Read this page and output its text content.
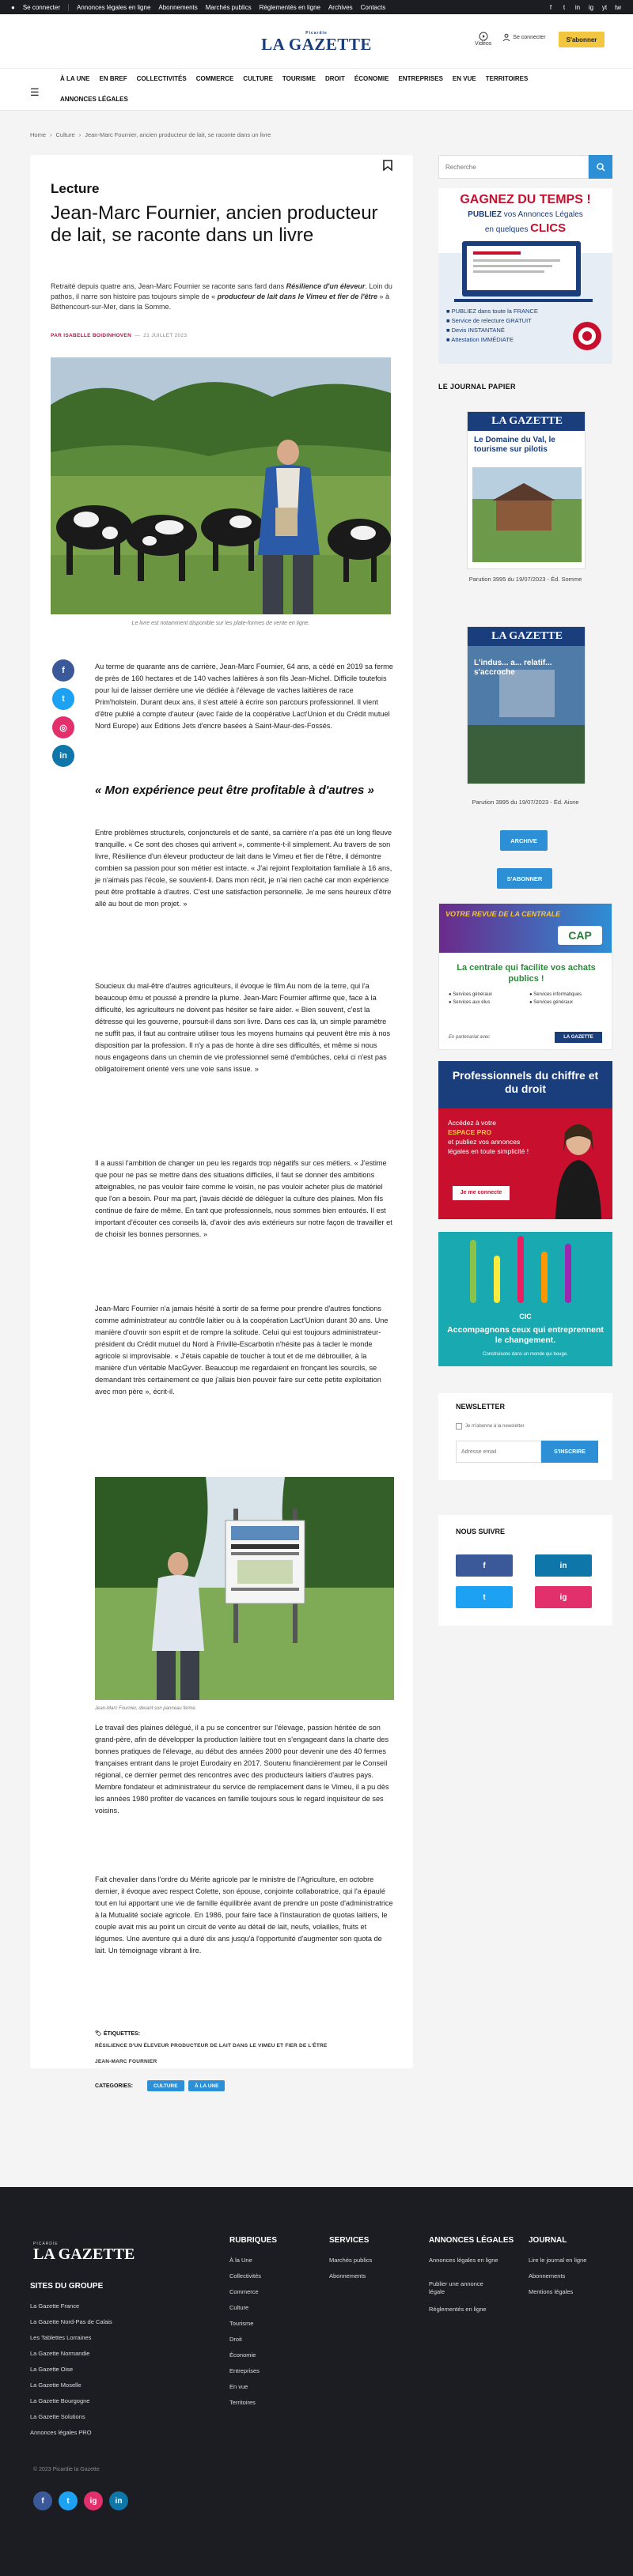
● Se connecter	Annonces légales en ligne Abonnements Marchés publics Réglementés en ligne Archives Contacts	f	t	in ig yt tw
Picardie
LA GAZETTE	Vidéos
Se connecter	S'abonner
☰
À LA UNE	EN BREF	COLLECTIVITÉS	COMMERCE	CULTURE	TOURISME	DROIT	ÉCONOMIE	ENTREPRISES	EN VUE	TERRITOIRES
ANNONCES LÉGALES
Home › Culture › Jean-Marc Fournier, ancien producteur de lait, se raconte dans un livre
Lecture
Jean-Marc Fournier, ancien producteur de lait, se raconte dans un livre

Retraité depuis quatre ans, Jean-Marc Fournier se raconte sans fard dans Résilience d'un éleveur. Loin du pathos, il narre son histoire pas toujours simple de « producteur de lait dans le Vimeu et fier de l'être » à Béthencourt-sur-Mer, dans la Somme.

PAR ISABELLE BOIDINHOVEN  —  21 JUILLET 2023
Le livre est notamment disponible sur les plate-formes de vente en ligne.
f
t
◎
in

Au terme de quarante ans de carrière, Jean-Marc Fournier, 64 ans, a cédé en 2019 sa ferme de près de 160 hectares et de 140 vaches laitières à son fils Jean-Michel. Difficile toutefois pour lui de laisser derrière une vie dédiée à l'élevage de vaches laitières de race Prim'holstein. Durant deux ans, il s'est attelé à écrire son parcours professionnel. Il vient d'être publié à compte d'auteur (avec l'aide de la coopérative Lact'Union et du Crédit mutuel Nord Europe) aux Éditions Jets d'encre basées à Saint-Maur-des-Fossés.

« Mon expérience peut être profitable à d'autres »

Entre problèmes structurels, conjoncturels et de santé, sa carrière n'a pas été un long fleuve tranquille. « Ce sont des choses qui arrivent », commente-t-il simplement. Au travers de son livre, Résilience d'un éleveur producteur de lait dans le Vimeu et fier de l'être, il démontre combien sa passion pour son métier est intacte. « J'ai rejoint l'exploitation familiale à 16 ans, je n'aimais pas l'école, se souvient-il. Dans mon récit, je n'ai rien caché car mon expérience peut être profitable à d'autres. C'est une satisfaction personnelle. Je me sens heureux d'être allé au bout de mon projet. »

Soucieux du mal-être d'autres agriculteurs, il évoque le film Au nom de la terre, qui l'a beaucoup ému et poussé à prendre la plume. Jean-Marc Fournier affirme que, face à la difficulté, les agriculteurs ne doivent pas hésiter se faire aider. « Bien souvent, c'est la détresse qui les gouverne, poursuit-il dans son livre. Dans ces cas là, un simple paramètre ne suffit pas, il faut au contraire utiliser tous les moyens humains qui peuvent être mis à nos disposition par la profession. Il n'y a pas de honte à dire ses difficultés, et même si nous nous engageons dans un chemin de vie professionnel semé d'embûches, celui ci n'est pas obligatoirement orienté vers une voie sans issue. »

Il a aussi l'ambition de changer un peu les regards trop négatifs sur ces métiers. « J'estime que pour ne pas se mettre dans des situations difficiles, il faut se donner des ambitions atteignables, ne pas vouloir faire comme le voisin, ne pas vouloir acheter plus de matériel que l'on a besoin. Pour ma part, j'avais décidé de délèguer la culture des plaines. Mon fils continue de faire de même. En tant que professionnels, nous sommes bien entourés. Il est important d'écouter ces conseils là, d'avoir des avis extérieurs sur notre façon de travailler et de choisir les bonnes personnes. »

Jean-Marc Fournier n'a jamais hésité à sortir de sa ferme pour prendre d'autres fonctions comme administrateur au contrôle laitier ou à la coopération Lact'Union durant 30 ans. Une manière d'ouvrir son esprit et de rompre la solitude. Celui qui est toujours administrateur-président du Crédit mutuel du Nord à Friville-Escarbotin n'hésite pas à tacler le monde agricole si improvisable. « J'étais capable de toucher à tout et de me débrouiller, à la manière d'un véritable MacGyver. Beaucoup me regardaient en fronçant les sourcils, se demandant très certainement ce que j'allais bien pouvoir faire sur cette petite exploitation avec mon père », écrit-il.

Jean-Marc Fournier, devant son panneau ferme.

Le travail des plaines délégué, il a pu se concentrer sur l'élevage, passion héritée de son grand-père, afin de développer la production laitière tout en s'engageant dans la charte des bonnes pratiques de l'élevage, au début des années 2000 pour devenir une des 40 fermes françaises entrant dans le projet Eurodairy en 2017. Soutenu financièrement par le Conseil régional, ce dernier permet des rencontres avec des producteurs laitiers d'autres pays. Membre fondateur et administrateur du service de remplacement dans le Vimeu, il a pu dès les années 1980 profiter de vacances en famille toujours sous le regard inquisiteur de ses voisins.

Fait chevalier dans l'ordre du Mérite agricole par le ministre de l'Agriculture, en octobre dernier, il évoque avec respect Colette, son épouse, conjointe collaboratrice, qui l'a épaulé tout en lui apportant une vie de famille équilibrée avant de prendre un poste d'administratrice à la Mutualité sociale agricole. En 1986, pour faire face à l'instauration de quotas laitiers, le couple avait mis au point un circuit de vente au détail de lait, neufs, volailles, fruits et légumes. Une aventure qui a duré dix ans jusqu'à l'opportunité d'augmenter son quota de lait. Un témoignage vibrant à lire.

🏷 ÉTIQUETTES:
RÉSILIENCE D'UN ÉLEVEUR PRODUCTEUR DE LAIT DANS LE VIMEU ET FIER DE L'ÊTRE
JEAN-MARC FOURNIER
CATEGORIES:	CULTURE	À LA UNE
Recherche
GAGNEZ DU TEMPS !
PUBLIEZ vos Annonces Légales
en quelques CLICS
■ PUBLIEZ dans toute la FRANCE
■ Service de relecture GRATUIT
■ Devis INSTANTANÉ
■ Attestation IMMÉDIATE
LE JOURNAL PAPIER
LA GAZETTE
Le Domaine du Val, le tourisme sur pilotis
Parution 3995 du 19/07/2023 - Éd. Somme
LA GAZETTE
L'indus... a... relatif... s'accroche
Parution 3995 du 19/07/2023 - Éd. Aisne
ARCHIVE
S'ABONNER
VOTRE REVUE DE LA CENTRALE
CAP
La centrale qui facilite vos achats publics !
● Services généraux	● Services informatiques
● Services aux élus	● Services généraux
En partenariat avec	LA GAZETTE
Professionnels du chiffre et du droit
Accédez à votre
ESPACE PRO
et publiez vos annonces légales en toute simplicité !
Je me connecte
CIC
Accompagnons ceux qui entreprennent le changement.
Construisons dans un monde qui bouge.
NEWSLETTER
Je m'abonne à la newsletter
Adresse email
S'INSCRIRE
NOUS SUIVRE
f	in
t	ig
PICARDIE
LA GAZETTE
SITES DU GROUPE
La Gazette France
La Gazette Nord-Pas de Calais
Les Tablettes Lorraines
La Gazette Normandie
La Gazette Oise
La Gazette Moselle
La Gazette Bourgogne
La Gazette Solutions
Annonces légales PRO
RUBRIQUES
À la Une
Collectivités
Commerce
Culture
Tourisme
Droit
Économie
Entreprises
En vue
Territoires
SERVICES
Marchés publics
Abonnements
ANNONCES LÉGALES
Annonces légales en ligne
Publier une annonce légale
Réglementés en ligne
JOURNAL
Lire le journal en ligne
Abonnements
Mentions légales
© 2023 Picardie la Gazette
f	t	ig in
